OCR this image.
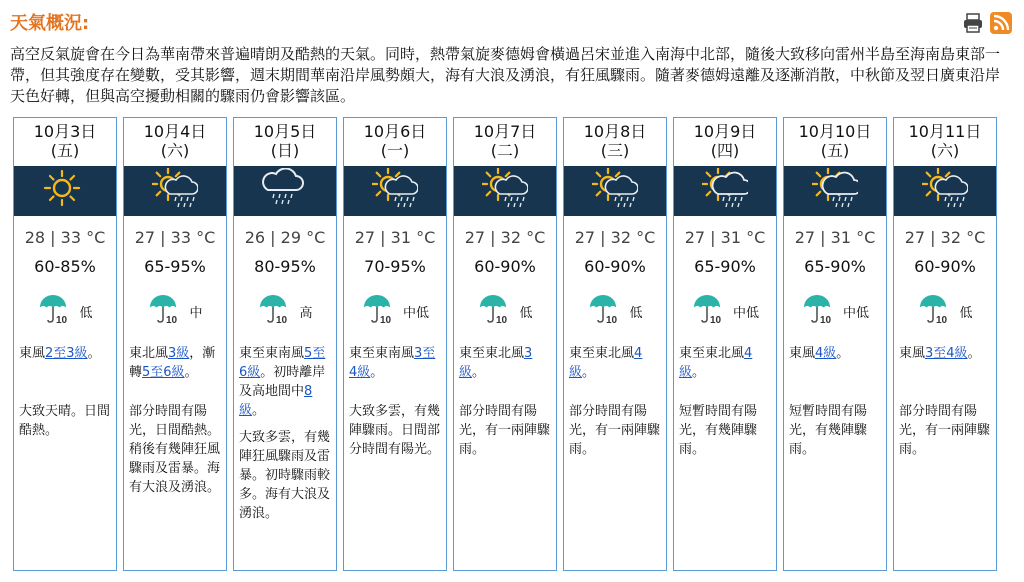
天氣概況:
高空反氣旋會在今日為華南帶來普遍晴朗及酷熱的天氣。同時，熱帶氣旋麥德姆會橫過呂宋並進入南海中北部，隨後大致移向雷州半島至海南島東部一帶，但其強度存在變數，受其影響，週末期間華南沿岸風勢頗大，海有大浪及湧浪，有狂風驟雨。隨著麥德姆遠離及逐漸消散，中秋節及翌日廣東沿岸天色好轉，但與高空擾動相關的驟雨仍會影響該區。
10月3日
(五)
28 | 33 °C
60-85%
10 低
東風2至3級。
大致天晴。日間酷熱。
10月4日
(六)
27 | 33 °C
65-95%
10 中
東北風3級，漸轉5至6級。
部分時間有陽光，日間酷熱。稍後有幾陣狂風驟雨及雷暴。海有大浪及湧浪。
10月5日
(日)
26 | 29 °C
80-95%
10 高
東至東南風5至6級。初時離岸及高地間中8級。
大致多雲，有幾陣狂風驟雨及雷暴。初時驟雨較多。海有大浪及湧浪。
10月6日
(一)
27 | 31 °C
70-95%
10 中低
東至東南風3至4級。
大致多雲，有幾陣驟雨。日間部分時間有陽光。
10月7日
(二)
27 | 32 °C
60-90%
10 低
東至東北風3級。
部分時間有陽光，有一兩陣驟雨。
10月8日
(三)
27 | 32 °C
60-90%
10 低
東至東北風4級。
部分時間有陽光，有一兩陣驟雨。
10月9日
(四)
27 | 31 °C
65-90%
10 中低
東至東北風4級。
短暫時間有陽光，有幾陣驟雨。
10月10日
(五)
27 | 31 °C
65-90%
10 中低
東風4級。
短暫時間有陽光，有幾陣驟雨。
10月11日
(六)
27 | 32 °C
60-90%
10 低
東風3至4級。
部分時間有陽光，有一兩陣驟雨。
